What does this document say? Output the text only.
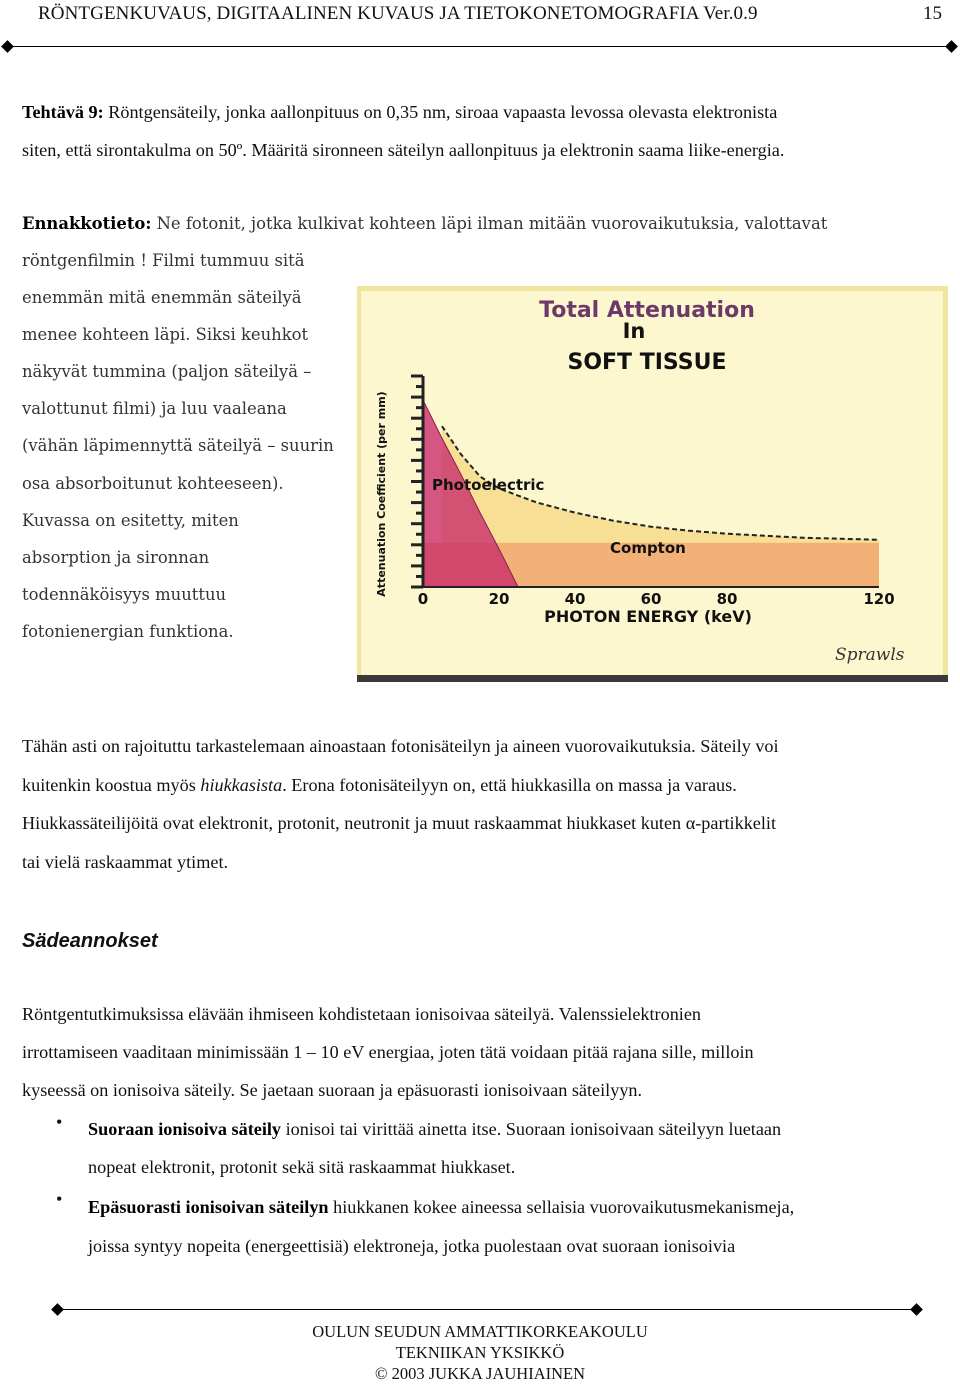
RÖNTGENKUVAUS, DIGITAALINEN KUVAUS JA TIETOKONETOMOGRAFIA Ver.0.9	15
Tehtävä 9: Röntgensäteily, jonka aallonpituus on 0,35 nm, siroaa vapaasta levossa olevasta elektronista
siten, että sirontakulma on 50º. Määritä sironneen säteilyn aallonpituus ja elektronin saama liike-energia.
Ennakkotieto: Ne fotonit, jotka kulkivat kohteen läpi ilman mitään vuorovaikutuksia, valottavat
röntgenfilmin ! Filmi tummuu sitä
enemmän mitä enemmän säteilyä
menee kohteen läpi. Siksi keuhkot
näkyvät tummina (paljon säteilyä –
valottunut filmi) ja luu vaaleana
(vähän läpimennyttä säteilyä – suurin
osa absorboitunut kohteeseen).
Kuvassa on esitetty, miten
absorption ja sironnan
todennäköisyys muuttuu
fotonienergian funktiona.
Total Attenuation
In
SOFT TISSUE
0	20	40	60	80	120
Attenuation Coefficient (per mm)
PHOTON ENERGY (keV)
Photoelectric
Compton
Sprawls
Tähän asti on rajoituttu tarkastelemaan ainoastaan fotonisäteilyn ja aineen vuorovaikutuksia. Säteily voi
kuitenkin koostua myös hiukkasista. Erona fotonisäteilyyn on, että hiukkasilla on massa ja varaus.
Hiukkassäteilijöitä ovat elektronit, protonit, neutronit ja muut raskaammat hiukkaset kuten α-partikkelit
tai vielä raskaammat ytimet.
Sädeannokset
Röntgentutkimuksissa elävään ihmiseen kohdistetaan ionisoivaa säteilyä. Valenssielektronien
irrottamiseen vaaditaan minimissään 1 – 10 eV energiaa, joten tätä voidaan pitää rajana sille, milloin
kyseessä on ionisoiva säteily. Se jaetaan suoraan ja epäsuorasti ionisoivaan säteilyyn.
• Suoraan ionisoiva säteily ionisoi tai virittää ainetta itse. Suoraan ionisoivaan säteilyyn luetaan
nopeat elektronit, protonit sekä sitä raskaammat hiukkaset.
• Epäsuorasti ionisoivan säteilyn hiukkanen kokee aineessa sellaisia vuorovaikutusmekanismeja,
joissa syntyy nopeita (energeettisiä) elektroneja, jotka puolestaan ovat suoraan ionisoivia
OULUN SEUDUN AMMATTIKORKEAKOULU
TEKNIIKAN YKSIKKÖ
© 2003 JUKKA JAUHIAINEN
